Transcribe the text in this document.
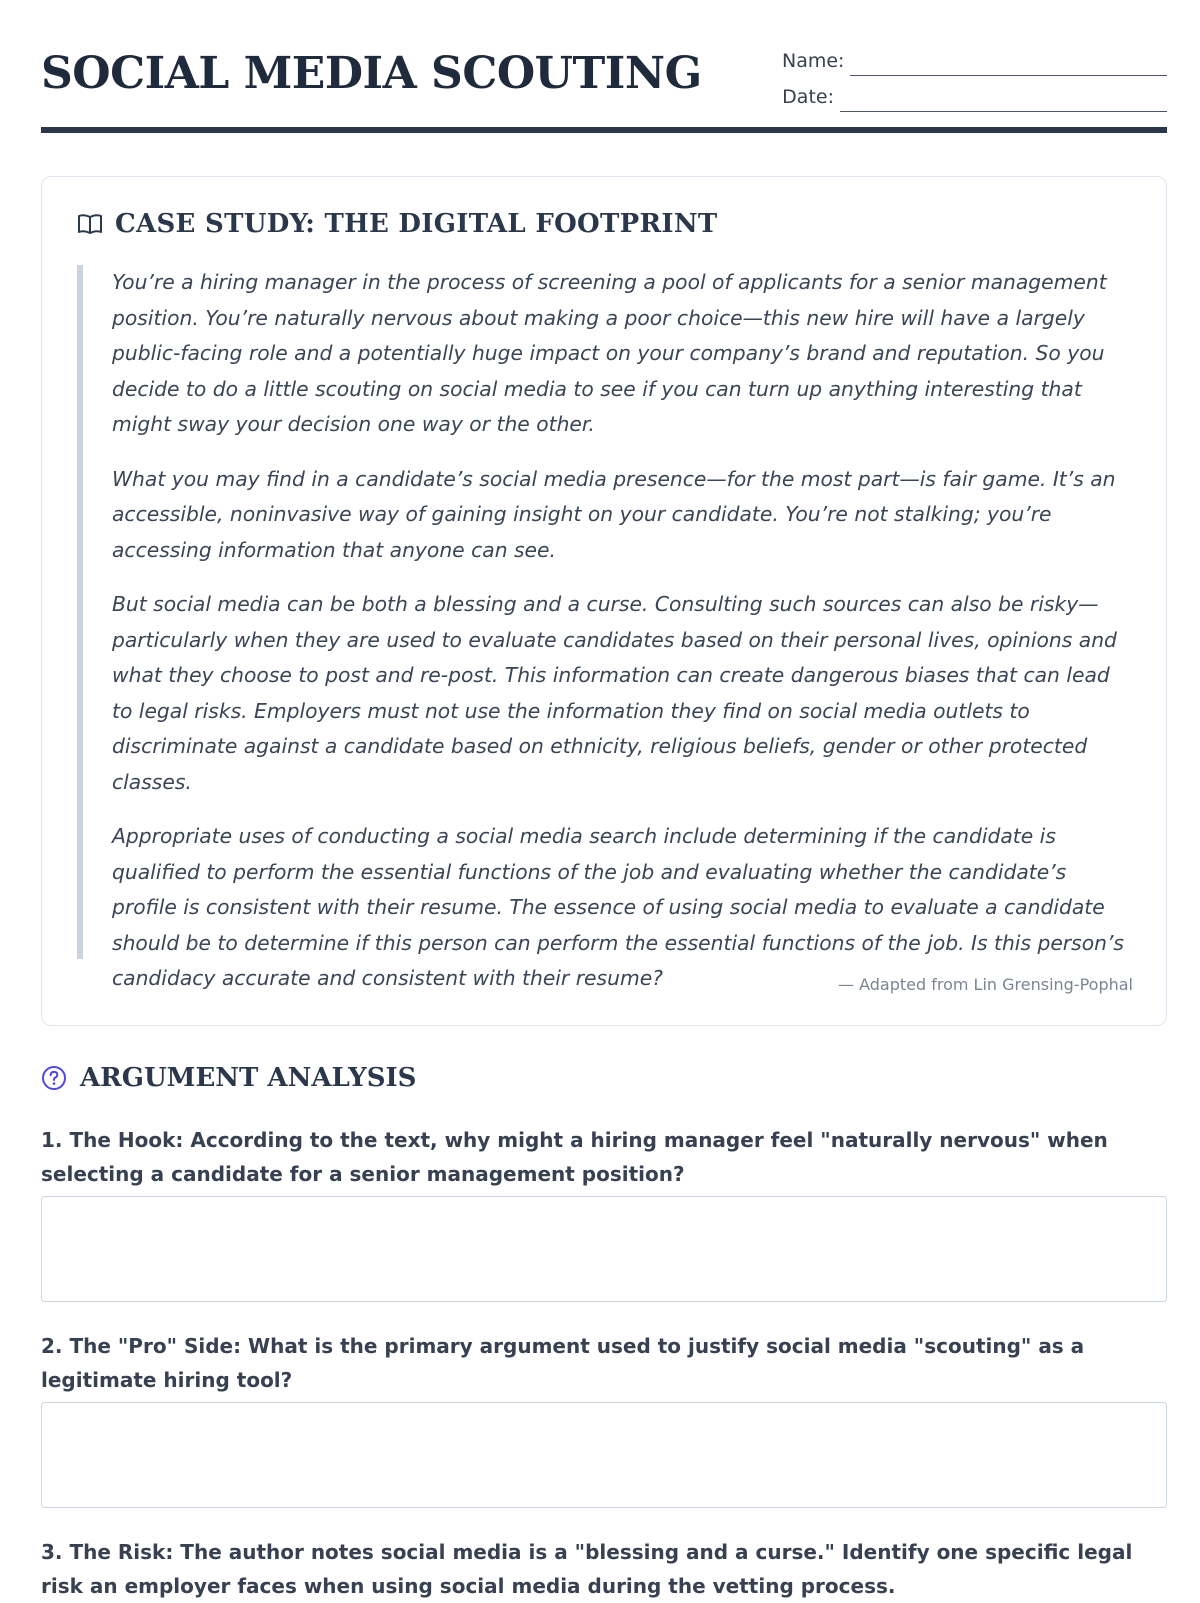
SOCIAL MEDIA SCOUTING	Name:
Date:
CASE STUDY: THE DIGITAL FOOTPRINT

You’re a hiring manager in the process of screening a pool of applicants for a senior management position. You’re naturally nervous about making a poor choice—this new hire will have a largely public-facing role and a potentially huge impact on your company’s brand and reputation. So you decide to do a little scouting on social media to see if you can turn up anything interesting that might sway your decision one way or the other.

What you may find in a candidate’s social media presence—for the most part—is fair game. It’s an accessible, noninvasive way of gaining insight on your candidate. You’re not stalking; you’re accessing information that anyone can see.

But social media can be both a blessing and a curse. Consulting such sources can also be risky—particularly when they are used to evaluate candidates based on their personal lives, opinions and what they choose to post and re-post. This information can create dangerous biases that can lead to legal risks. Employers must not use the information they find on social media outlets to discriminate against a candidate based on ethnicity, religious beliefs, gender or other protected classes.

Appropriate uses of conducting a social media search include determining if the candidate is qualified to perform the essential functions of the job and evaluating whether the candidate’s profile is consistent with their resume. The essence of using social media to evaluate a candidate should be to determine if this person can perform the essential functions of the job. Is this person’s candidacy accurate and consistent with their resume?	— Adapted from Lin Grensing-Pophal
ARGUMENT ANALYSIS
1. The Hook: According to the text, why might a hiring manager feel "naturally nervous" when selecting a candidate for a senior management position?
2. The "Pro" Side: What is the primary argument used to justify social media "scouting" as a legitimate hiring tool?
3. The Risk: The author notes social media is a "blessing and a curse." Identify one specific legal risk an employer faces when using social media during the vetting process.
